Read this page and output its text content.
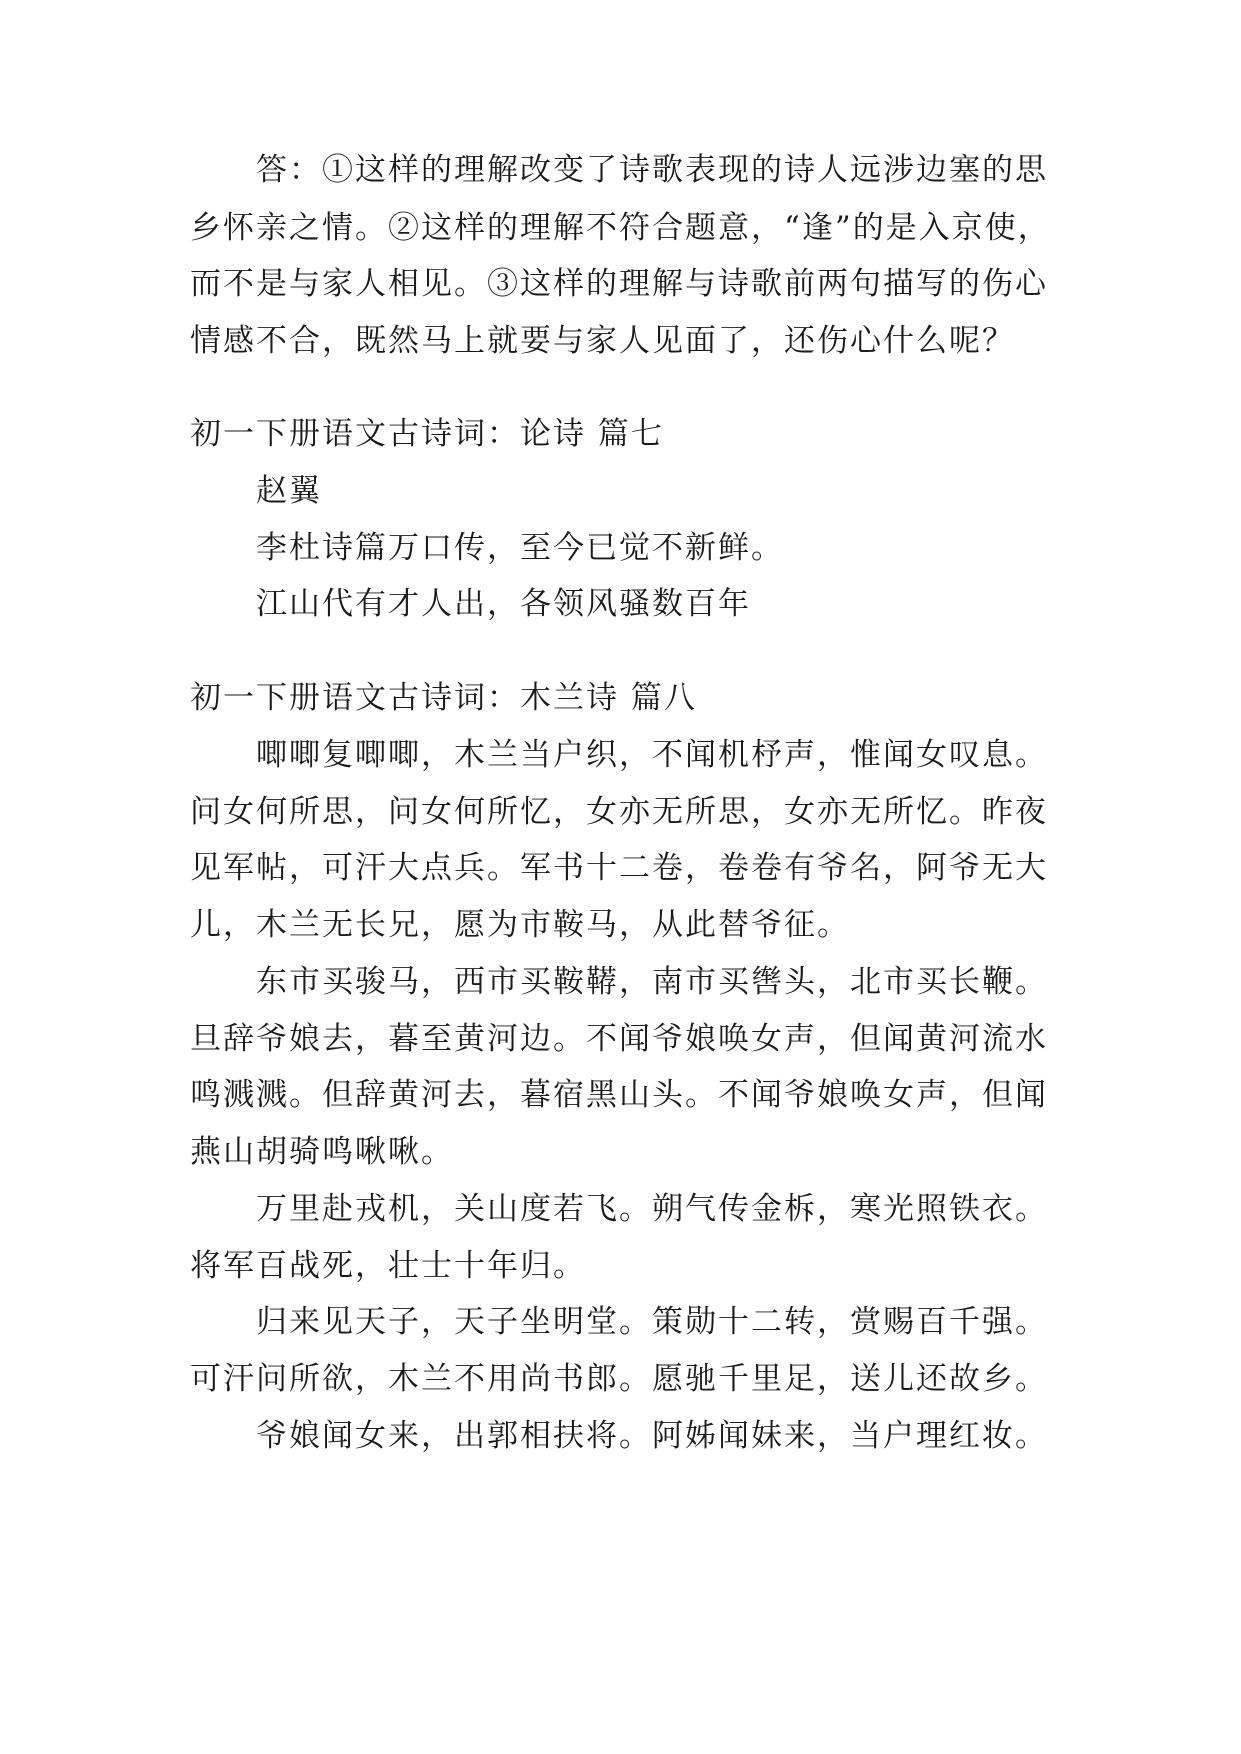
答：①这样的理解改变了诗歌表现的诗人远涉边塞的思
乡怀亲之情。②这样的理解不符合题意，“逢”的是入京使，
而不是与家人相见。③这样的理解与诗歌前两句描写的伤心
情感不合，既然马上就要与家人见面了，还伤心什么呢？
初一下册语文古诗词：论诗 篇七
赵翼
李杜诗篇万口传，至今已觉不新鲜。
江山代有才人出，各领风骚数百年
初一下册语文古诗词：木兰诗 篇八
唧唧复唧唧，木兰当户织，不闻机杼声，惟闻女叹息。
问女何所思，问女何所忆，女亦无所思，女亦无所忆。昨夜
见军帖，可汗大点兵。军书十二卷，卷卷有爷名，阿爷无大
儿，木兰无长兄，愿为市鞍马，从此替爷征。
东市买骏马，西市买鞍鞯，南市买辔头，北市买长鞭。
旦辞爷娘去，暮至黄河边。不闻爷娘唤女声，但闻黄河流水
鸣溅溅。但辞黄河去，暮宿黑山头。不闻爷娘唤女声，但闻
燕山胡骑鸣啾啾。
万里赴戎机，关山度若飞。朔气传金柝，寒光照铁衣。
将军百战死，壮士十年归。
归来见天子，天子坐明堂。策勋十二转，赏赐百千强。
可汗问所欲，木兰不用尚书郎。愿驰千里足，送儿还故乡。
爷娘闻女来，出郭相扶将。阿姊闻妹来，当户理红妆。
